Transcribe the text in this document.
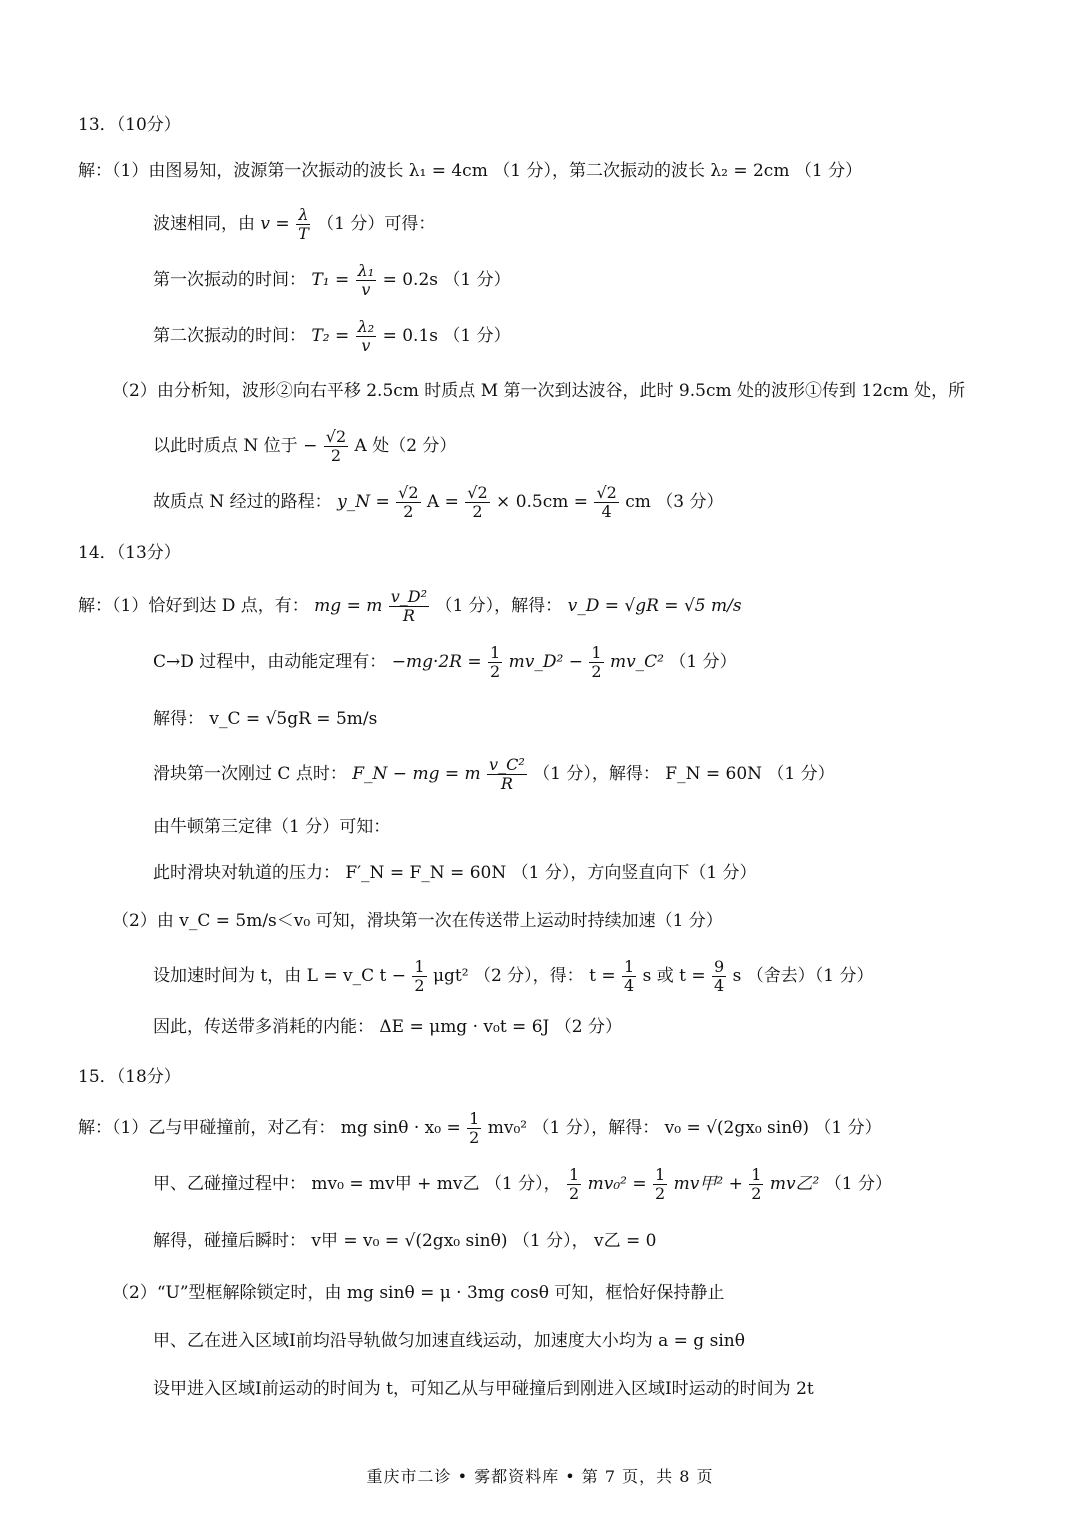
13．（10分）
解：（1）由图易知，波源第一次振动的波长 λ₁ = 4cm （1 分），第二次振动的波长 λ₂ = 2cm （1 分）
波速相同，由 $v = \frac{\lambda}{T} (1$ 分）可得：
第一次振动的时间： $T_1 = \frac{\text{λ₁}}{v} = 0.2s$ （1 分）
第二次振动的时间： $T_2 = \frac{\text{λ₂}}{v} = 0.1s$ （1 分）
（2）由分析知，波形②向右平移 2.5cm 时质点 M 第一次到达波谷，此时 9.5cm 处的波形①传到 12cm 处，所
以此时质点 N 位于 − $\frac{√2}{2}$ A 处（2 分）
故质点 N 经过的路程： y_N = $\frac{√2}{2}$ $A = \frac{√2}{2} \times 0.5cm = \frac{√2}{4}$ cm （3 分）
14．（13分）
解：（1）恰好到达 D 点，有： mg = m $\frac{\text{v\_D²}}{R} (1$ 分），解得： v_D = √gR = √5 m/s
C→D 过程中，由动能定理有： $-mg\cdot 2R = \frac{1}{2}$ mv_D² − $\frac{1}{2}$ mv_C² （1 分）
解得： v_C = √5gR = 5m/s
滑块第一次刚过 C 点时： F_N − mg = m $\frac{\text{v\_C²}}{R} (1$ 分），解得： F_N = 60N （1 分）
由牛顿第三定律（1 分）可知：
此时滑块对轨道的压力： F′_N = F_N = 60N （1 分），方向竖直向下（1 分）
（2）由 v_C = 5m/s＜v₀ 可知，滑块第一次在传送带上运动时持续加速（1 分）
设加速时间为 t，由 L = v_C $t - \frac{1}{2} \mu gt^2$ （2 分），得： $t = \frac{1}{4}$ s 或 $t = \frac{9}{4}$ s （舍去）（1 分）
因此，传送带多消耗的内能： ΔE = μmg · v₀t = 6J （2 分）
15．（18分）
解：（1）乙与甲碰撞前，对乙有： mg $\sin\theta \cdot x_0 = \frac{1}{2} mv_0^2$ （1 分），解得： v₀ = √(2gx₀ sinθ) （1 分）
甲、乙碰撞过程中： mv₀ = mv甲 + mv乙 （1 分）， $\frac{1}{2} mv_0^2 = \frac{1}{2}$ mv甲$^2 + \frac{1}{2}$ mv乙² （1 分）
解得，碰撞后瞬时： v甲 = v₀ = √(2gx₀ sinθ) （1 分）， v乙 = 0
（2）“U”型框解除锁定时，由 mg sinθ = μ · 3mg cosθ 可知，框恰好保持静止
甲、乙在进入区域Ⅰ前均沿导轨做匀加速直线运动，加速度大小均为 a = g sinθ
设甲进入区域Ⅰ前运动的时间为 t，可知乙从与甲碰撞后到刚进入区域Ⅰ时运动的时间为 2t
重庆市二诊 • 雾都资料库 • 第 7 页，共 8 页
